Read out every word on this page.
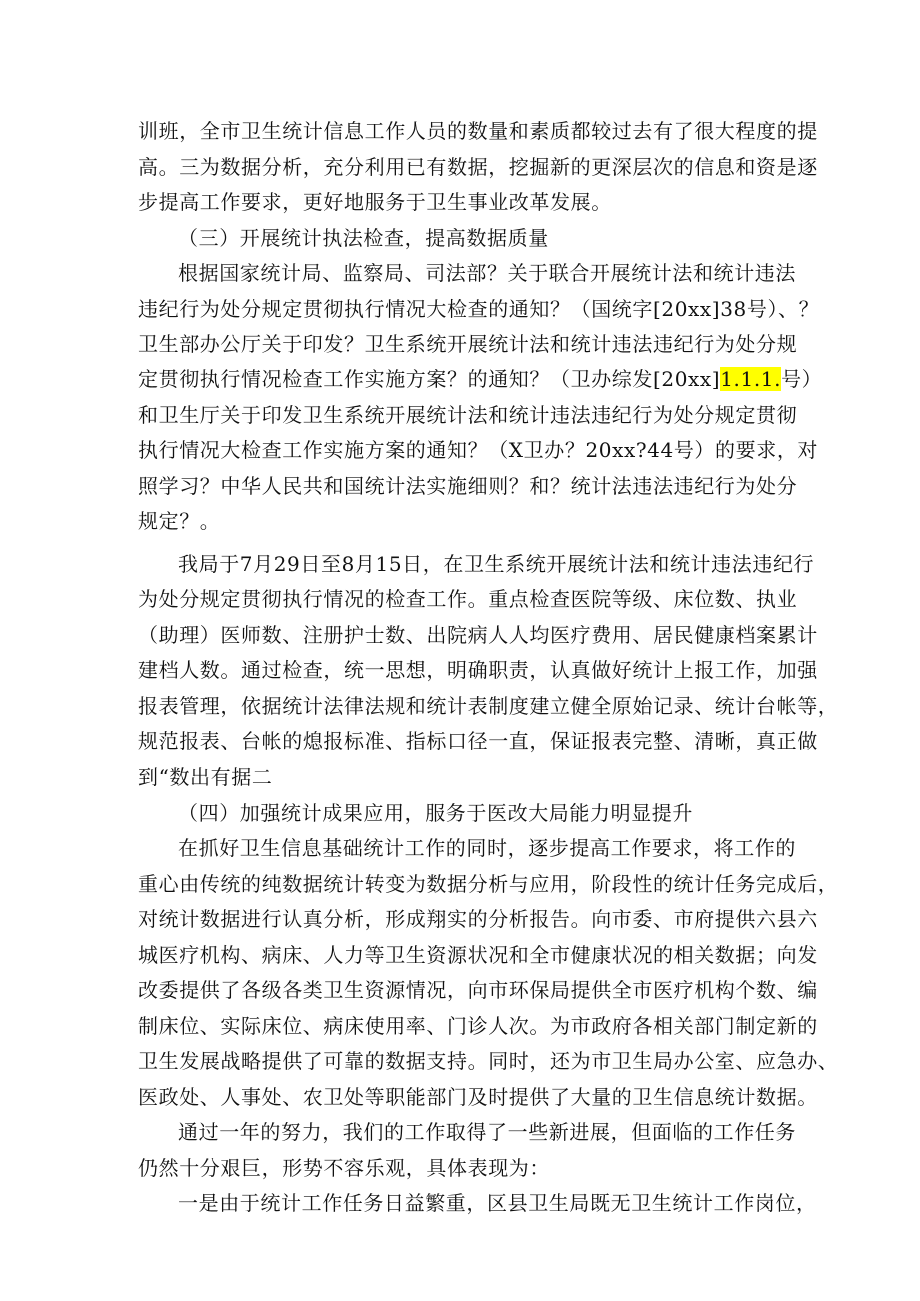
训班，全市卫生统计信息工作人员的数量和素质都较过去有了很大程度的提
高。三为数据分析，充分利用已有数据，挖掘新的更深层次的信息和资是逐
步提高工作要求，更好地服务于卫生事业改革发展。
（三）开展统计执法检查，提高数据质量
根据国家统计局、监察局、司法部？关于联合开展统计法和统计违法
违纪行为处分规定贯彻执行情况大检查的通知？（国统字[20xx]38号）、？
卫生部办公厅关于印发？卫生系统开展统计法和统计违法违纪行为处分规
定贯彻执行情况检查工作实施方案？的通知？（卫办综发[20xx]1.1.1.号）
和卫生厅关于印发卫生系统开展统计法和统计违法违纪行为处分规定贯彻
执行情况大检查工作实施方案的通知？（X卫办？20xx?44号）的要求，对
照学习？中华人民共和国统计法实施细则？和？统计法违法违纪行为处分
规定？。
我局于7月29日至8月15日，在卫生系统开展统计法和统计违法违纪行
为处分规定贯彻执行情况的检查工作。重点检查医院等级、床位数、执业
（助理）医师数、注册护士数、出院病人人均医疗费用、居民健康档案累计
建档人数。通过检查，统一思想，明确职责，认真做好统计上报工作，加强
报表管理，依据统计法律法规和统计表制度建立健全原始记录、统计台帐等，
规范报表、台帐的熄报标准、指标口径一直，保证报表完整、清晰，真正做
到“数出有据二
（四）加强统计成果应用，服务于医改大局能力明显提升
在抓好卫生信息基础统计工作的同时，逐步提高工作要求，将工作的
重心由传统的纯数据统计转变为数据分析与应用，阶段性的统计任务完成后，
对统计数据进行认真分析，形成翔实的分析报告。向市委、市府提供六县六
城医疗机构、病床、人力等卫生资源状况和全市健康状况的相关数据；向发
改委提供了各级各类卫生资源情况，向市环保局提供全市医疗机构个数、编
制床位、实际床位、病床使用率、门诊人次。为市政府各相关部门制定新的
卫生发展战略提供了可靠的数据支持。同时，还为市卫生局办公室、应急办、
医政处、人事处、农卫处等职能部门及时提供了大量的卫生信息统计数据。
通过一年的努力，我们的工作取得了一些新进展，但面临的工作任务
仍然十分艰巨，形势不容乐观，具体表现为：
一是由于统计工作任务日益繁重，区县卫生局既无卫生统计工作岗位，
